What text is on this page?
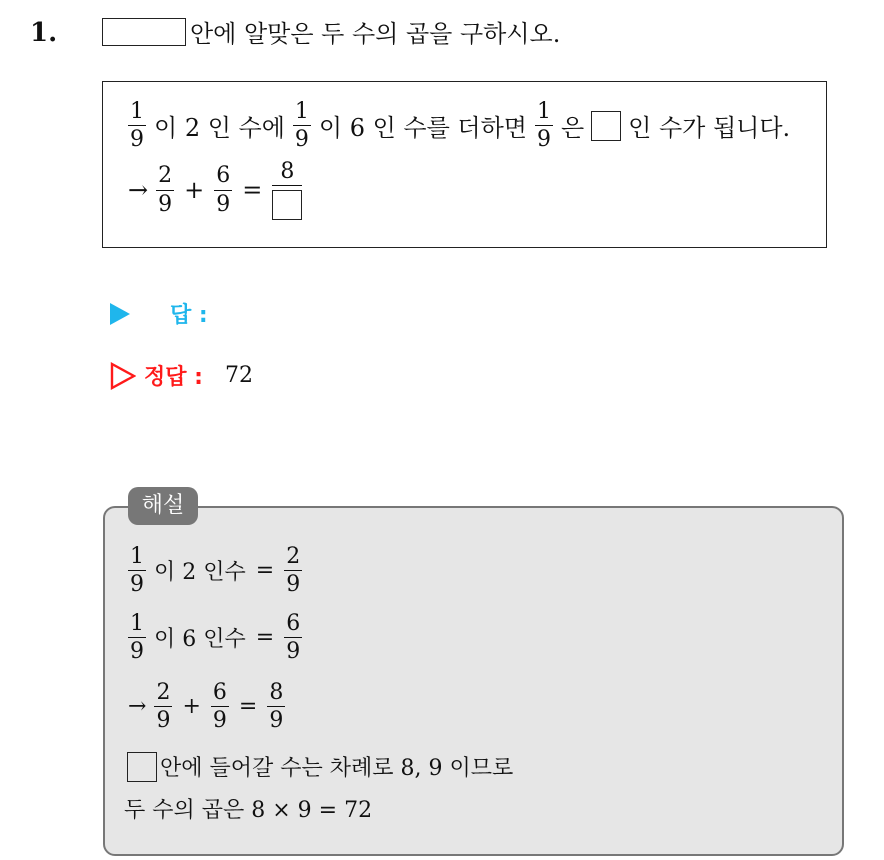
1.	안에 알맞은 두 수의 곱을 구하시오.
$\frac{1}{9}$ 이 2 인 수에 $\frac{1}{9}$ 이 6 인 수를 더하면 $\frac{1}{9}$ 은 인 수가 됩니다.
→ $\frac{2}{9} + \frac{6}{9}$ =
8
답 :
정답 : 72
해설
$\frac{1}{9}$ 이 2 인수 = $\frac{2}{9}$
$\frac{1}{9}$ 이 6 인수 = $\frac{6}{9}$
→ $\frac{2}{9} + \frac{6}{9} = \frac{8}{9}$
안에 들어갈 수는 차례로 8, 9 이므로
두 수의 곱은 8 × 9 = 72
